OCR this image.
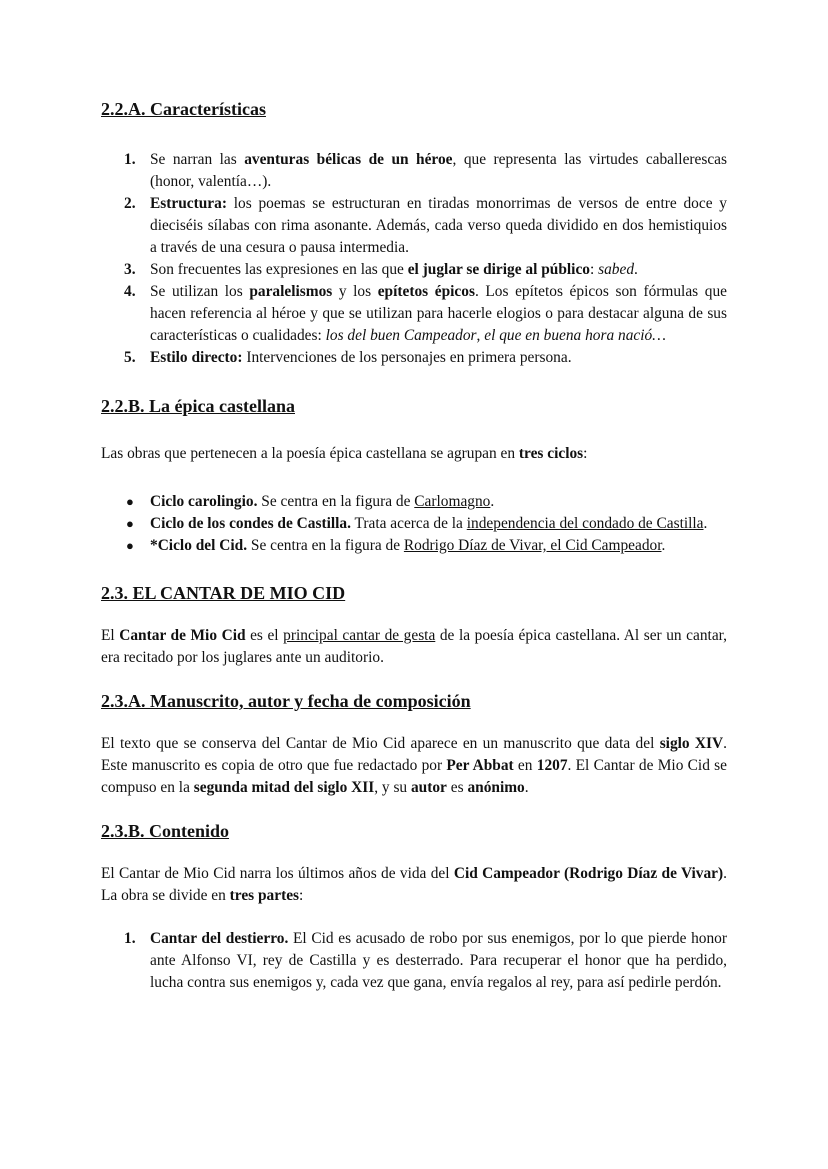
2.2.A. Características
1. Se narran las aventuras bélicas de un héroe, que representa las virtudes caballerescas (honor, valentía…).
2. Estructura: los poemas se estructuran en tiradas monorrimas de versos de entre doce y dieciséis sílabas con rima asonante. Además, cada verso queda dividido en dos hemistiquios a través de una cesura o pausa intermedia.
3. Son frecuentes las expresiones en las que el juglar se dirige al público: sabed.
4. Se utilizan los paralelismos y los epítetos épicos. Los epítetos épicos son fórmulas que hacen referencia al héroe y que se utilizan para hacerle elogios o para destacar alguna de sus características o cualidades: los del buen Campeador, el que en buena hora nació…
5. Estilo directo: Intervenciones de los personajes en primera persona.
2.2.B. La épica castellana

Las obras que pertenecen a la poesía épica castellana se agrupan en tres ciclos:

● Ciclo carolingio. Se centra en la figura de Carlomagno.
● Ciclo de los condes de Castilla. Trata acerca de la independencia del condado de Castilla.
● *Ciclo del Cid. Se centra en la figura de Rodrigo Díaz de Vivar, el Cid Campeador.
2.3. EL CANTAR DE MIO CID

El Cantar de Mio Cid es el principal cantar de gesta de la poesía épica castellana. Al ser un cantar, era recitado por los juglares ante un auditorio.

2.3.A. Manuscrito, autor y fecha de composición

El texto que se conserva del Cantar de Mio Cid aparece en un manuscrito que data del siglo XIV. Este manuscrito es copia de otro que fue redactado por Per Abbat en 1207. El Cantar de Mio Cid se compuso en la segunda mitad del siglo XII, y su autor es anónimo.

2.3.B. Contenido

El Cantar de Mio Cid narra los últimos años de vida del Cid Campeador (Rodrigo Díaz de Vivar). La obra se divide en tres partes:

1. Cantar del destierro. El Cid es acusado de robo por sus enemigos, por lo que pierde honor ante Alfonso VI, rey de Castilla y es desterrado. Para recuperar el honor que ha perdido, lucha contra sus enemigos y, cada vez que gana, envía regalos al rey, para así pedirle perdón.
